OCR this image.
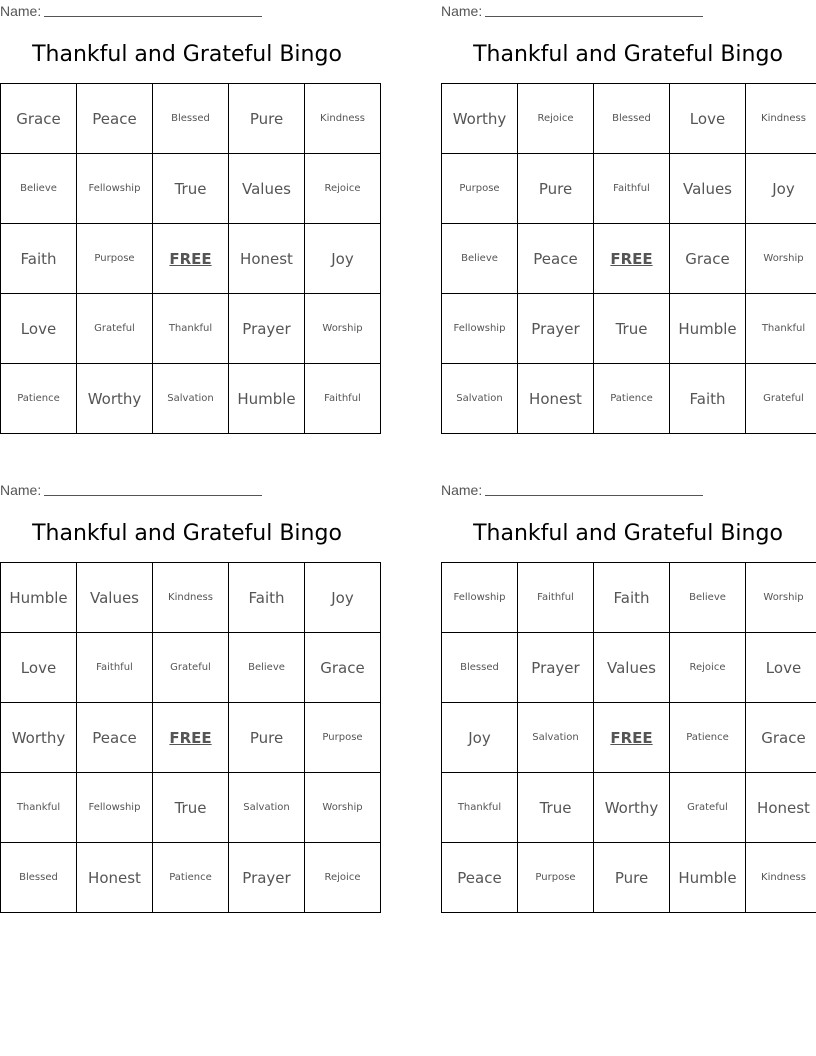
Name:
Thankful and Grateful Bingo
Grace	Peace	Blessed	Pure	Kindness
Believe	Fellowship	True	Values	Rejoice
Faith	Purpose	FREE	Honest	Joy
Love	Grateful	Thankful	Prayer	Worship
Patience	Worthy	Salvation	Humble	Faithful
Name:
Thankful and Grateful Bingo
Worthy	Rejoice	Blessed	Love	Kindness
Purpose	Pure	Faithful	Values	Joy
Believe	Peace	FREE	Grace	Worship
Fellowship	Prayer	True	Humble	Thankful
Salvation	Honest	Patience	Faith	Grateful
Name:
Thankful and Grateful Bingo
Humble	Values	Kindness	Faith	Joy
Love	Faithful	Grateful	Believe	Grace
Worthy	Peace	FREE	Pure	Purpose
Thankful	Fellowship	True	Salvation	Worship
Blessed	Honest	Patience	Prayer	Rejoice
Name:
Thankful and Grateful Bingo
Fellowship	Faithful	Faith	Believe	Worship
Blessed	Prayer	Values	Rejoice	Love
Joy	Salvation	FREE	Patience	Grace
Thankful	True	Worthy	Grateful	Honest
Peace	Purpose	Pure	Humble	Kindness
